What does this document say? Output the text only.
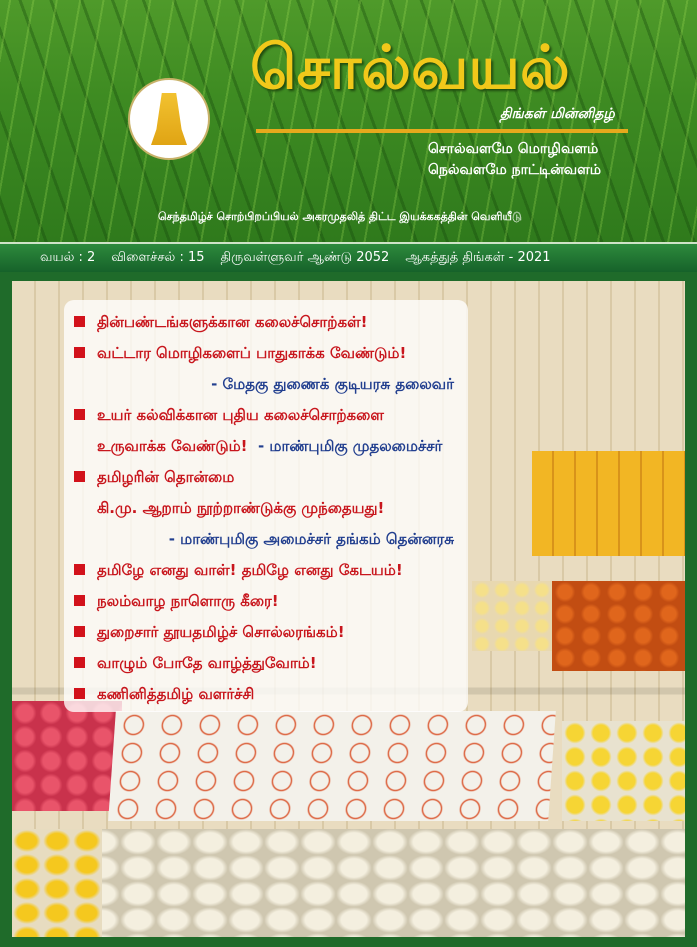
சொல்வயல்
திங்கள் மின்னிதழ்
சொல்வளமே மொழிவளம்
நெல்வளமே நாட்டின்வளம்
செந்தமிழ்ச் சொற்பிறப்பியல் அகரமுதலித் திட்ட இயக்ககத்தின் வெளியீடு
வயல் : 2 விளைச்சல் : 15 திருவள்ளுவர் ஆண்டு 2052 ஆகத்துத் திங்கள் - 2021
தின்பண்டங்களுக்கான கலைச்சொற்கள்!
வட்டார மொழிகளைப் பாதுகாக்க வேண்டும்!
- மேதகு துணைக் குடியரசு தலைவர்
உயர் கல்விக்கான புதிய கலைச்சொற்களை
உருவாக்க வேண்டும்!
- மாண்புமிகு முதலமைச்சர்
தமிழரின் தொன்மை
கி.மு. ஆறாம் நூற்றாண்டுக்கு முந்தையது!
- மாண்புமிகு அமைச்சர் தங்கம் தென்னரசு
தமிழே எனது வாள்! தமிழே எனது கேடயம்!
நலம்வாழ நாளொரு கீரை!
துறைசார் தூயதமிழ்ச் சொல்லரங்கம்!
வாழும் போதே வாழ்த்துவோம்!
கணினித்தமிழ் வளர்ச்சி
